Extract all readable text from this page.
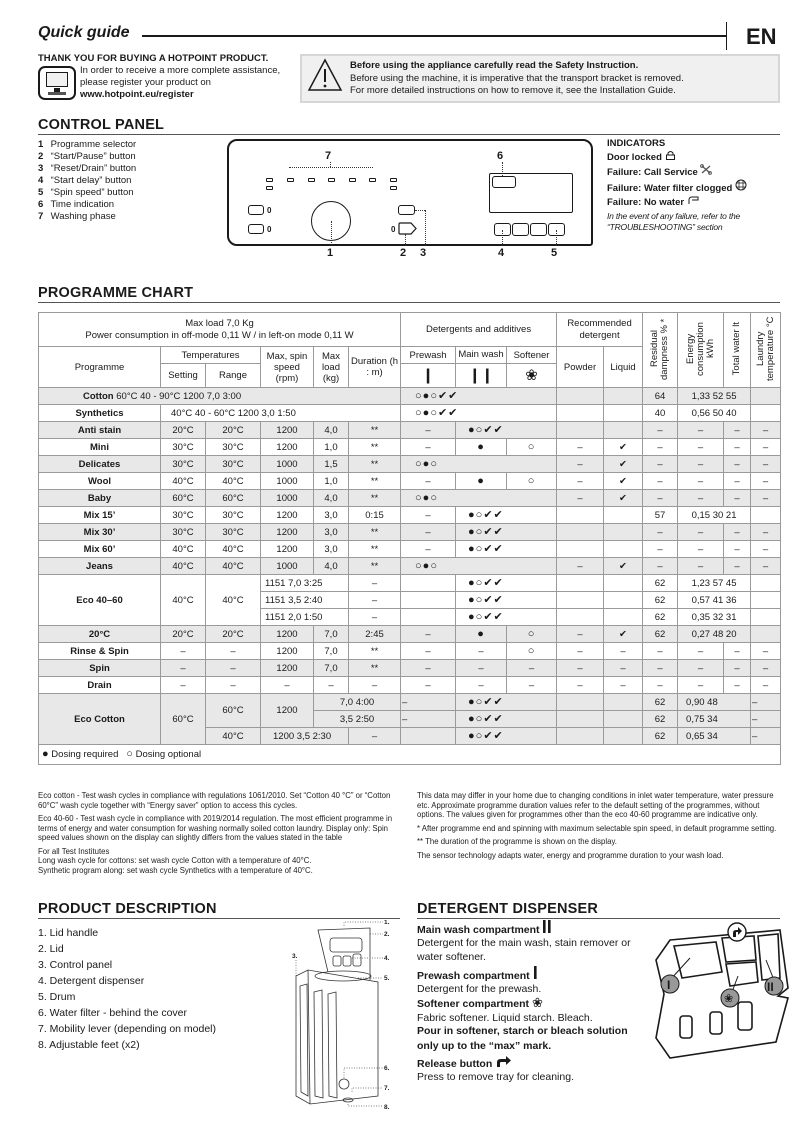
Quick guide	EN
THANK YOU FOR BUYING A HOTPOINT PRODUCT.
In order to receive a more complete assistance,
please register your product on
www.hotpoint.eu/register
Before using the appliance carefully read the Safety Instruction.
Before using the machine, it is imperative that the transport bracket is removed.
For more detailed instructions on how to remove it, see the Installation Guide.
CONTROL PANEL
1 Programme selector
2 “Start/Pause” button
3 “Reset/Drain” button
4 “Start delay” button
5 “Spin speed” button
6 Time indication
7 Washing phase
7
0
0
1
0
2 3
6
4	5
INDICATORS
Door locked
Failure: Call Service
Failure: Water filter clogged
Failure: No water
In the event of any failure, refer to the
“TROUBLESHOOTING” section
PROGRAMME CHART
Max load 7,0 Kg
Power consumption in off-mode 0,11 W / in left-on mode 0,11 W						Detergents and additives			Recommended detergent		Residual dampness % *	Energy consumption kWh	Total water lt	Laundry temperature °C
Programme	Temperatures		Max, spin speed (rpm)	Max load (kg)	Duration (h : m)	Prewash	Main wash	Softener	Powder	Liquid				
	Setting	Range				❙	❙❙	❀						
Cotton 60°C 40 - 90°C 1200 7,0 3:00						○●○✔✔					64	1,33 52 55		
Synthetics	40°C 40 - 60°C 1200 3,0 1:50					○●○✔✔					40	0,56 50 40		
Anti stain	20°C	20°C	1200	4,0	**	–	●○✔✔				–	–	–	–
Mini	30°C	30°C	1200	1,0	**	–	●	○	–	✔	–	–	–	–
Delicates	30°C	30°C	1000	1,5	**	○●○			–	✔	–	–	–	–
Wool	40°C	40°C	1000	1,0	**	–	●	○	–	✔	–	–	–	–
Baby	60°C	60°C	1000	4,0	**	○●○			–	✔	–	–	–	–
Mix 15’	30°C	30°C	1200	3,0	0:15	–	●○✔✔				57	0,15 30 21		
Mix 30’	30°C	30°C	1200	3,0	**	–	●○✔✔				–	–	–	–
Mix 60’	40°C	40°C	1200	3,0	**	–	●○✔✔				–	–	–	–
Jeans	40°C	40°C	1000	4,0	**	○●○			–	✔	–	–	–	–
Eco 40–60	40°C	40°C	1151 7,0 3:25		–		●○✔✔				62	1,23 57 45		
			1151 3,5 2:40		–		●○✔✔				62	0,57 41 36		
			1151 2,0 1:50		–		●○✔✔				62	0,35 32 31		
20°C	20°C	20°C	1200	7,0	2:45	–	●	○	–	✔	62	0,27 48 20		
Rinse & Spin	–	–	1200	7,0	**	–	–	○	–	–	–	–	–	–
Spin	–	–	1200	7,0	**	–	–	–	–	–	–	–	–	–
Drain	–	–	–	–	–	–	–	–	–	–	–	–	–	–
Eco Cotton	60°C	60°C	1200	7,0 4:00		–	●○✔✔				62	0,90 48		–
				3,5 2:50		–	●○✔✔				62	0,75 34		–
		40°C	1200 3,5 2:30		–		●○✔✔				62	0,65 34		–
● Dosing required ○ Dosing optional														

Eco cotton - Test wash cycles in compliance with regulations 1061/2010. Set “Cotton 40 °C” or “Cotton 60°C” wash cycle together with “Energy saver” option to access this cycles.

Eco 40-60 - Test wash cycle in compliance with 2019/2014 regulation. The most efficient programme in terms of energy and water consumption for washing normally soiled cotton laundry. Display only: Spin speed values shown on the display can slightly differs from the values stated in the table

For all Test Institutes
Long wash cycle for cottons: set wash cycle Cotton with a temperature of 40°C.
Synthetic program along: set wash cycle Synthetics with a temperature of 40°C.

This data may differ in your home due to changing conditions in inlet water temperature, water pressure etc. Approximate programme duration values refer to the default setting of the programmes, without options. The values given for programmes other than the eco 40-60 programme are indicative only.

* After programme end and spinning with maximum selectable spin speed, in default programme setting.

** The duration of the programme is shown on the display.

The sensor technology adapts water, energy and programme duration to your wash load.

PRODUCT DESCRIPTION
1. Lid handle
2. Lid
3. Control panel
4. Detergent dispenser
5. Drum
6. Water filter - behind the cover
7. Mobility lever (depending on model)
8. Adjustable feet (x2)
1.
2.
3.	4.
5.
6.
7.
8.
DETERGENT DISPENSER
Main wash compartment
Detergent for the main wash, stain remover or
water softener.
Prewash compartment
Detergent for the prewash.
Softener compartment ❀
Fabric softener. Liquid starch. Bleach.
Pour in softener, starch or bleach solution
only up to the “max” mark.
Release button
Press to remove tray for cleaning.
I
❀
II
